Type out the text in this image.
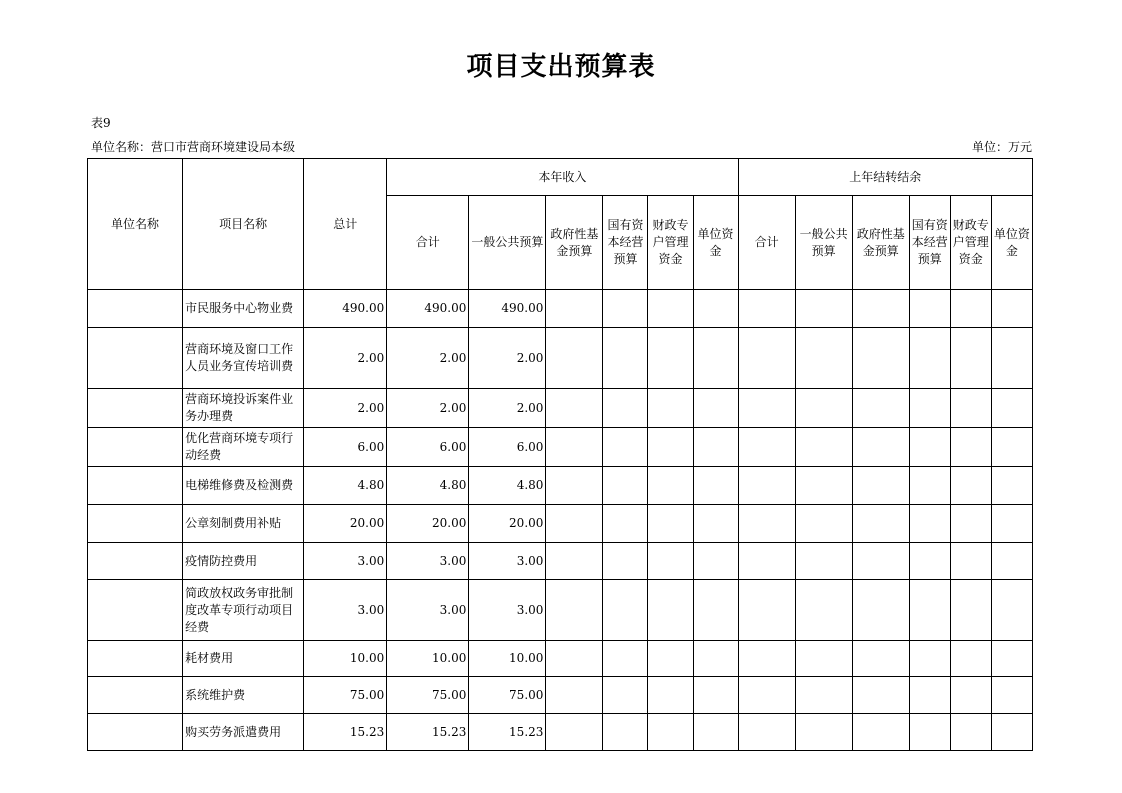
项目支出预算表
表9
单位名称：营口市营商环境建设局本级	单位：万元
单位名称	项目名称	总计	本年收入						上年结转结余					
			合计	一般公共预算	政府性基金预算	国有资本经营预算	财政专户管理资金	单位资金	合计	一般公共预算	政府性基金预算	国有资本经营预算	财政专户管理资金	单位资金
	市民服务中心物业费	490.00	490.00	490.00										
	营商环境及窗口工作人员业务宣传培训费	2.00	2.00	2.00										
	营商环境投诉案件业务办理费	2.00	2.00	2.00										
	优化营商环境专项行动经费	6.00	6.00	6.00										
	电梯维修费及检测费	4.80	4.80	4.80										
	公章刻制费用补贴	20.00	20.00	20.00										
	疫情防控费用	3.00	3.00	3.00										
	简政放权政务审批制度改革专项行动项目经费	3.00	3.00	3.00										
	耗材费用	10.00	10.00	10.00										
	系统维护费	75.00	75.00	75.00										
	购买劳务派遣费用	15.23	15.23	15.23										
